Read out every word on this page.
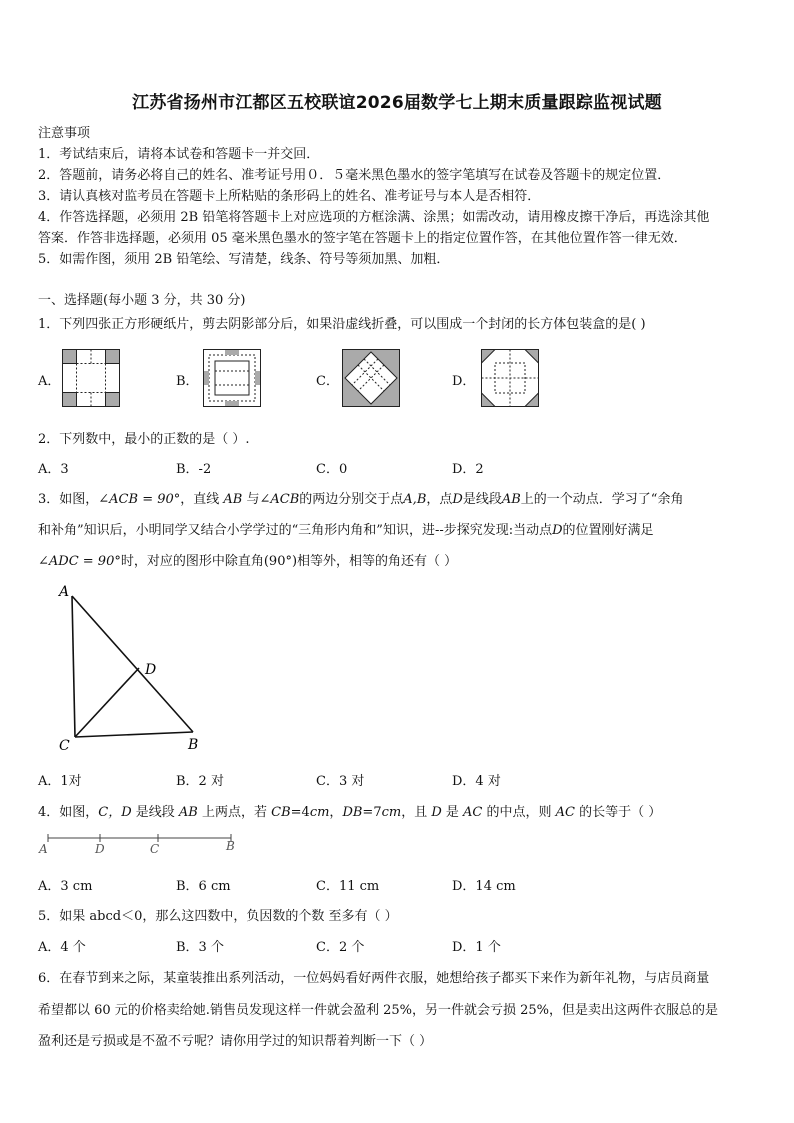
江苏省扬州市江都区五校联谊2026届数学七上期末质量跟踪监视试题
注意事项
1．考试结束后，请将本试卷和答题卡一并交回．
2．答题前，请务必将自己的姓名、准考证号用０．５毫米黑色墨水的签字笔填写在试卷及答题卡的规定位置．
3．请认真核对监考员在答题卡上所粘贴的条形码上的姓名、准考证号与本人是否相符．
4．作答选择题，必须用 2B 铅笔将答题卡上对应选项的方框涂满、涂黑；如需改动，请用橡皮擦干净后，再选涂其他
答案．作答非选择题，必须用 05 毫米黑色墨水的签字笔在答题卡上的指定位置作答，在其他位置作答一律无效．
5．如需作图，须用 2B 铅笔绘、写清楚，线条、符号等须加黑、加粗．
一、选择题(每小题 3 分，共 30 分)
1．下列四张正方形硬纸片，剪去阴影部分后，如果沿虚线折叠，可以围成一个封闭的长方体包装盒的是( )
A．	B．	C．	D．
2．下列数中，最小的正数的是（ ）.
A．3	B．-2	C．0	D．2
3．如图，∠ACB = 90°，直线 AB 与∠ACB的两边分别交于点A,B，点D是线段AB上的一个动点．学习了“余角
和补角”知识后，小明同学又结合小学学过的“三角形内角和”知识，进--步探究发现:当动点D的位置刚好满足
∠ADC = 90°时，对应的图形中除直角(90°)相等外，相等的角还有（ ）
A
D
C	B
A．1对	B．2 对	C．3 对	D．4 对
4．如图，C，D 是线段 AB 上两点，若 CB=4cm，DB=7cm，且 D 是 AC 的中点，则 AC 的长等于（ ）
A	D	C	B
A．3 cm	B．6 cm	C．11 cm	D．14 cm
5．如果 abcd＜0，那么这四数中，负因数的个数 至多有（ ）
A．4 个	B．3 个	C．2 个	D．1 个
6．在春节到来之际，某童装推出系列活动，一位妈妈看好两件衣服，她想给孩子都买下来作为新年礼物，与店员商量
希望都以 60 元的价格卖给她.销售员发现这样一件就会盈利 25%，另一件就会亏损 25%，但是卖出这两件衣服总的是
盈利还是亏损或是不盈不亏呢？请你用学过的知识帮着判断一下（ ）
